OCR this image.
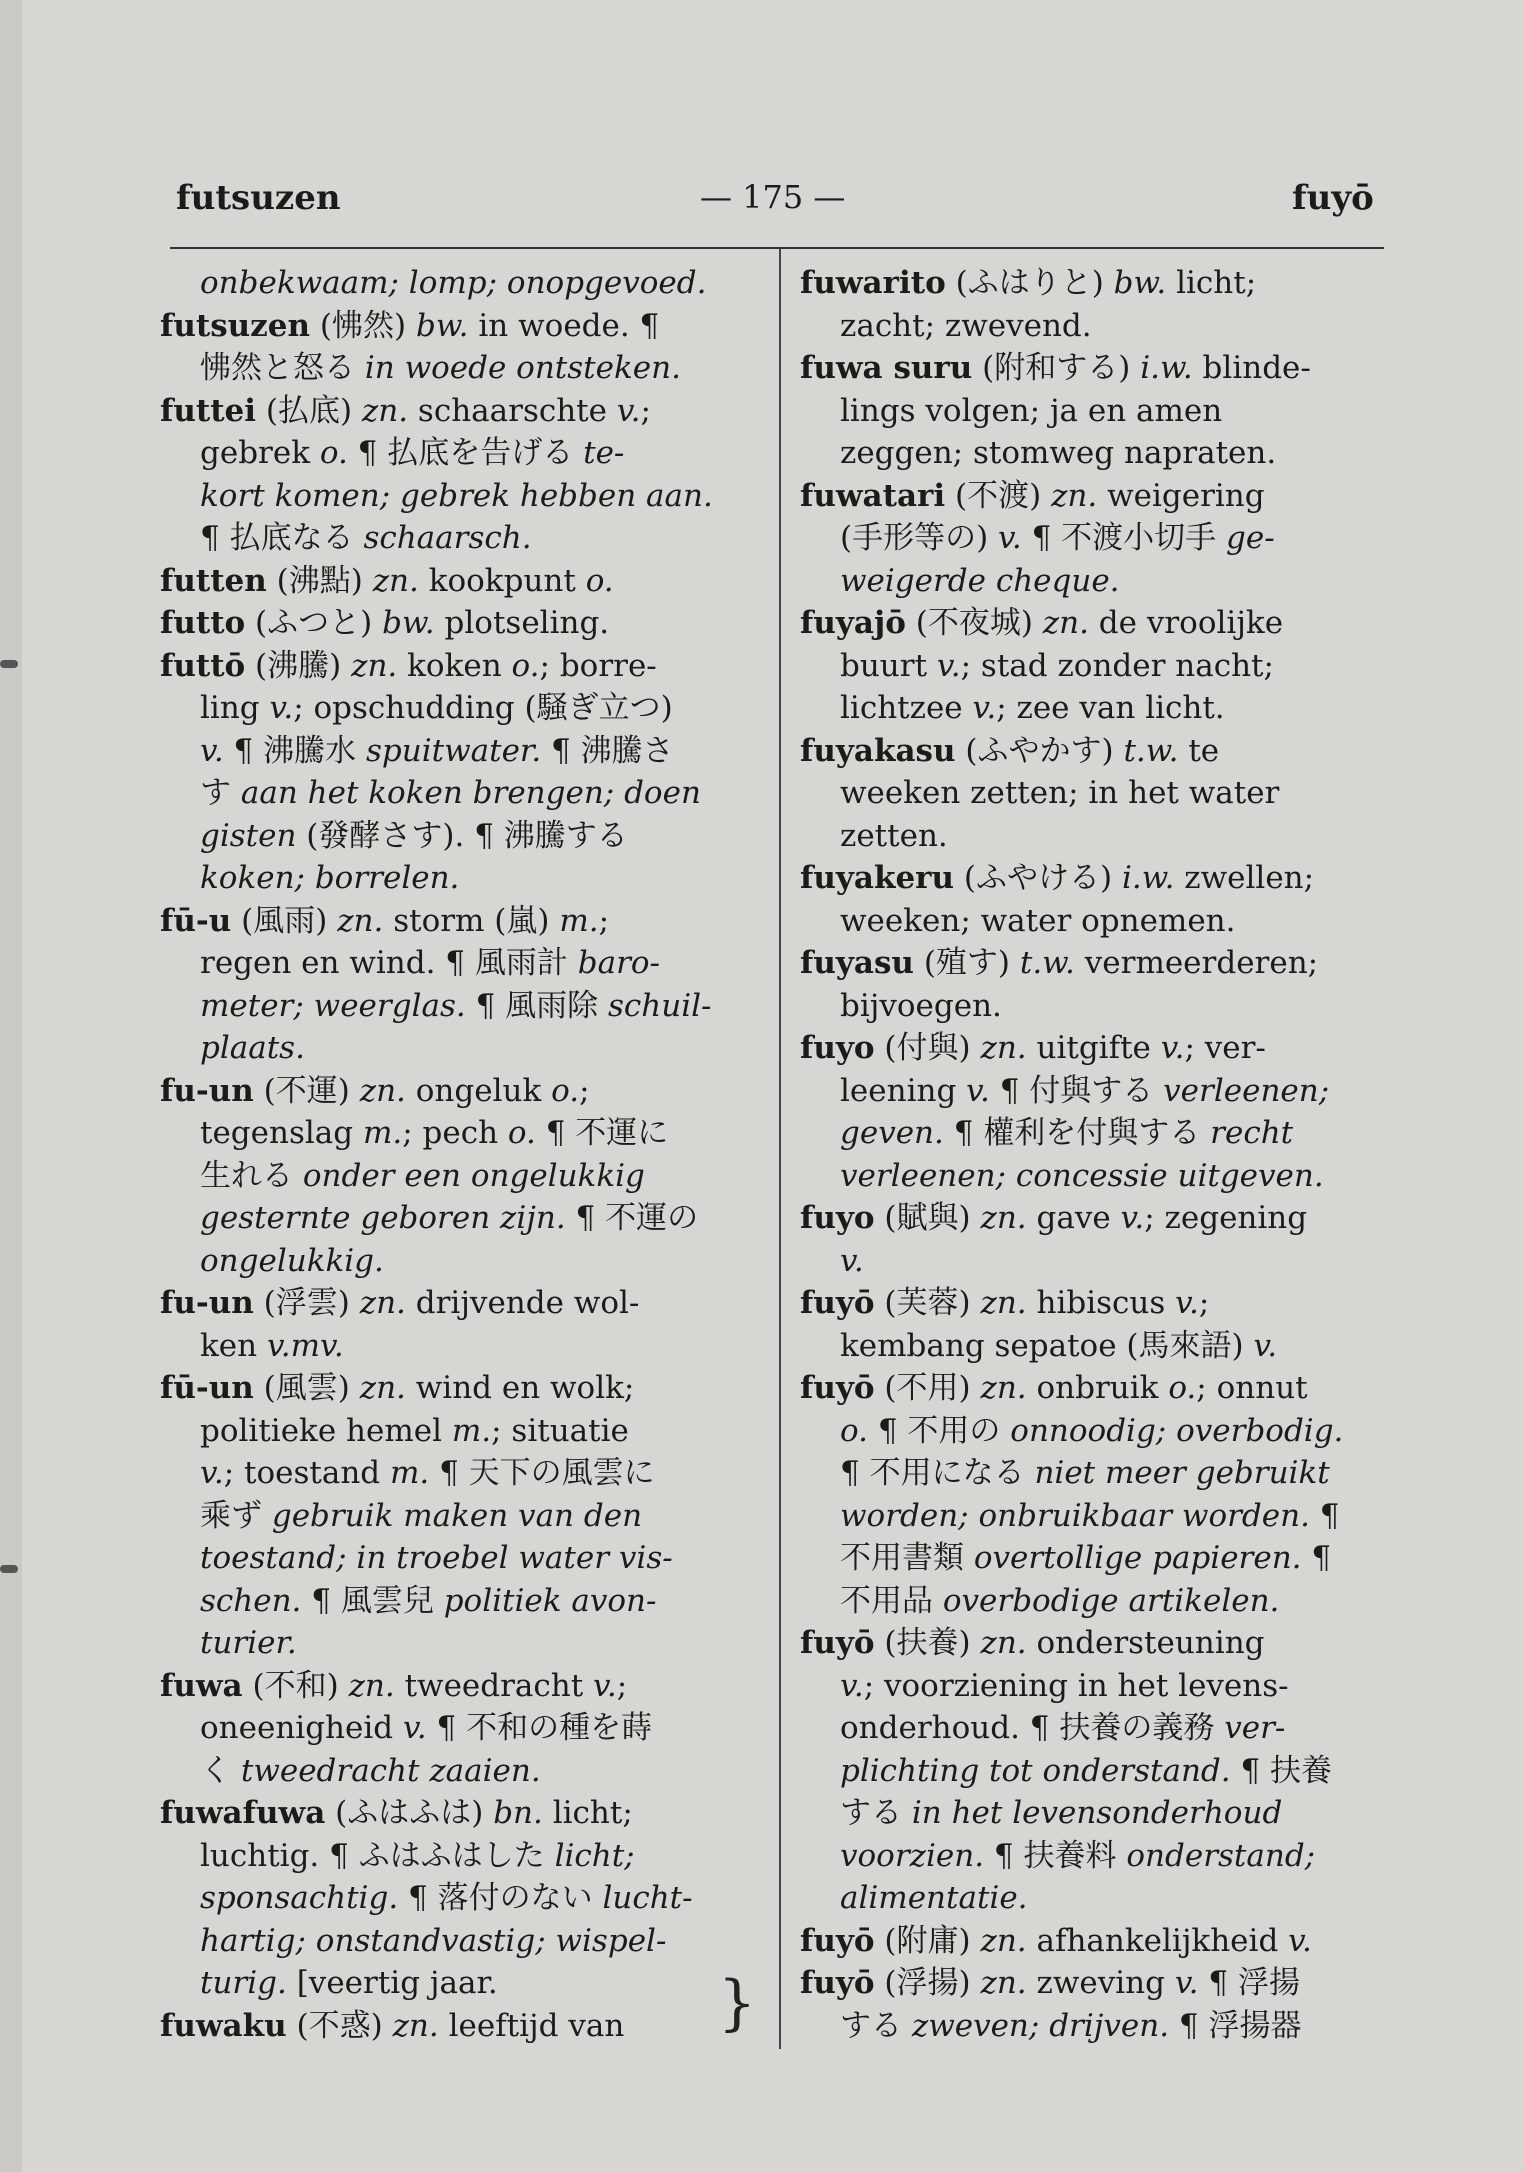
futsuzen	— 175 —	fuyō
onbekwaam; lomp; onopgevoed.
futsuzen (怫然) bw. in woede. ¶
怫然と怒る in woede ontsteken.
futtei (払底) zn. schaarschte v.;
gebrek o. ¶ 払底を告げる te-
kort komen; gebrek hebben aan.
¶ 払底なる schaarsch.
futten (沸點) zn. kookpunt o.
futto (ふつと) bw. plotseling.
futtō (沸騰) zn. koken o.; borre-
ling v.; opschudding (騒ぎ立つ)
v. ¶ 沸騰水 spuitwater. ¶ 沸騰さ
す aan het koken brengen; doen
gisten (發酵さす). ¶ 沸騰する
koken; borrelen.
fū-u (風雨) zn. storm (嵐) m.;
regen en wind. ¶ 風雨計 baro-
meter; weerglas. ¶ 風雨除 schuil-
plaats.
fu-un (不運) zn. ongeluk o.;
tegenslag m.; pech o. ¶ 不運に
生れる onder een ongelukkig
gesternte geboren zijn. ¶ 不運の
ongelukkig.
fu-un (浮雲) zn. drijvende wol-
ken v.mv.
fū-un (風雲) zn. wind en wolk;
politieke hemel m.; situatie
v.; toestand m. ¶ 天下の風雲に
乘ず gebruik maken van den
toestand; in troebel water vis-
schen. ¶ 風雲兒 politiek avon-
turier.
fuwa (不和) zn. tweedracht v.;
oneenigheid v. ¶ 不和の種を蒔
く tweedracht zaaien.
fuwafuwa (ふはふは) bn. licht;
luchtig. ¶ ふはふはした licht;
sponsachtig. ¶ 落付のない lucht-
hartig; onstandvastig; wispel-
turig. [veertig jaar.
fuwaku (不惑) zn. leeftijd van
fuwarito (ふはりと) bw. licht;
zacht; zwevend.
fuwa suru (附和する) i.w. blinde-
lings volgen; ja en amen
zeggen; stomweg napraten.
fuwatari (不渡) zn. weigering
(手形等の) v. ¶ 不渡小切手 ge-
weigerde cheque.
fuyajō (不夜城) zn. de vroolijke
buurt v.; stad zonder nacht;
lichtzee v.; zee van licht.
fuyakasu (ふやかす) t.w. te
weeken zetten; in het water
zetten.
fuyakeru (ふやける) i.w. zwellen;
weeken; water opnemen.
fuyasu (殖す) t.w. vermeerderen;
bijvoegen.
fuyo (付與) zn. uitgifte v.; ver-
leening v. ¶ 付與する verleenen;
geven. ¶ 權利を付與する recht
verleenen; concessie uitgeven.
fuyo (賦與) zn. gave v.; zegening
v.
fuyō (芙蓉) zn. hibiscus v.;
kembang sepatoe (馬來語) v.
fuyō (不用) zn. onbruik o.; onnut
o. ¶ 不用の onnoodig; overbodig.
¶ 不用になる niet meer gebruikt
worden; onbruikbaar worden. ¶
不用書類 overtollige papieren. ¶
不用品 overbodige artikelen.
fuyō (扶養) zn. ondersteuning
v.; voorziening in het levens-
onderhoud. ¶ 扶養の義務 ver-
plichting tot onderstand. ¶ 扶養
する in het levensonderhoud
voorzien. ¶ 扶養料 onderstand;
alimentatie.
fuyō (附庸) zn. afhankelijkheid v.
fuyō (浮揚) zn. zweving v. ¶ 浮揚
する zweven; drijven. ¶ 浮揚器
}
